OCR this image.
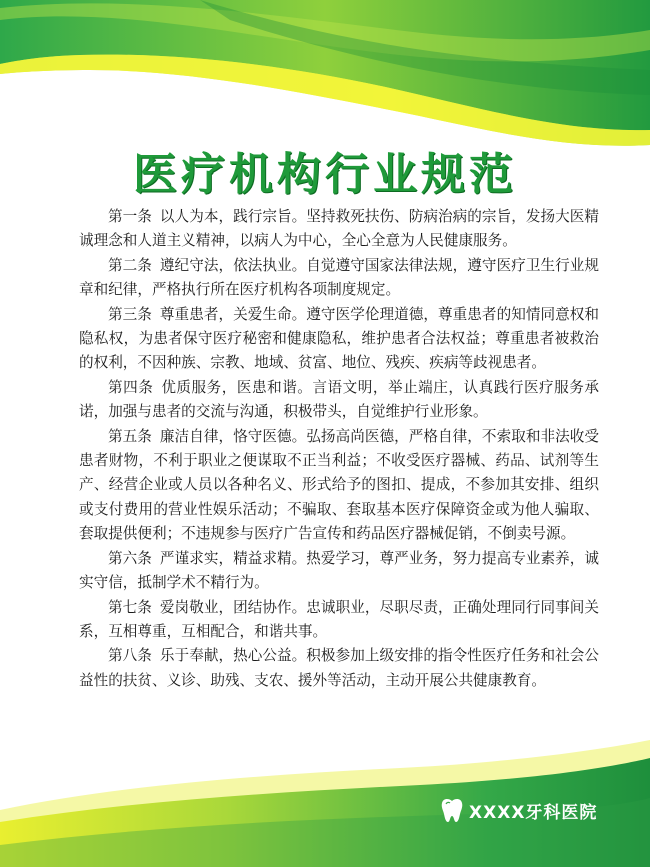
医疗机构行业规范

第一条 以人为本，践行宗旨。坚持救死扶伤、防病治病的宗旨，发扬大医精诚理念和人道主义精神，以病人为中心，全心全意为人民健康服务。

第二条 遵纪守法，依法执业。自觉遵守国家法律法规，遵守医疗卫生行业规章和纪律，严格执行所在医疗机构各项制度规定。

第三条 尊重患者，关爱生命。遵守医学伦理道德，尊重患者的知情同意权和隐私权，为患者保守医疗秘密和健康隐私，维护患者合法权益；尊重患者被救治的权利，不因种族、宗教、地域、贫富、地位、残疾、疾病等歧视患者。

第四条 优质服务，医患和谐。言语文明，举止端庄，认真践行医疗服务承诺，加强与患者的交流与沟通，积极带头，自觉维护行业形象。

第五条 廉洁自律，恪守医德。弘扬高尚医德，严格自律，不索取和非法收受患者财物，不利于职业之便谋取不正当利益；不收受医疗器械、药品、试剂等生产、经营企业或人员以各种名义、形式给予的图扣、提成，不参加其安排、组织或支付费用的营业性娱乐活动；不骗取、套取基本医疗保障资金或为他人骗取、套取提供便利；不违规参与医疗广告宣传和药品医疗器械促销，不倒卖号源。

第六条 严谨求实，精益求精。热爱学习，尊严业务，努力提高专业素养，诚实守信，抵制学术不精行为。

第七条 爱岗敬业，团结协作。忠诚职业，尽职尽责，正确处理同行同事间关系，互相尊重，互相配合，和谐共事。

第八条 乐于奉献，热心公益。积极参加上级安排的指令性医疗任务和社会公益性的扶贫、义诊、助残、支农、援外等活动，主动开展公共健康教育。

XXXX牙科医院
